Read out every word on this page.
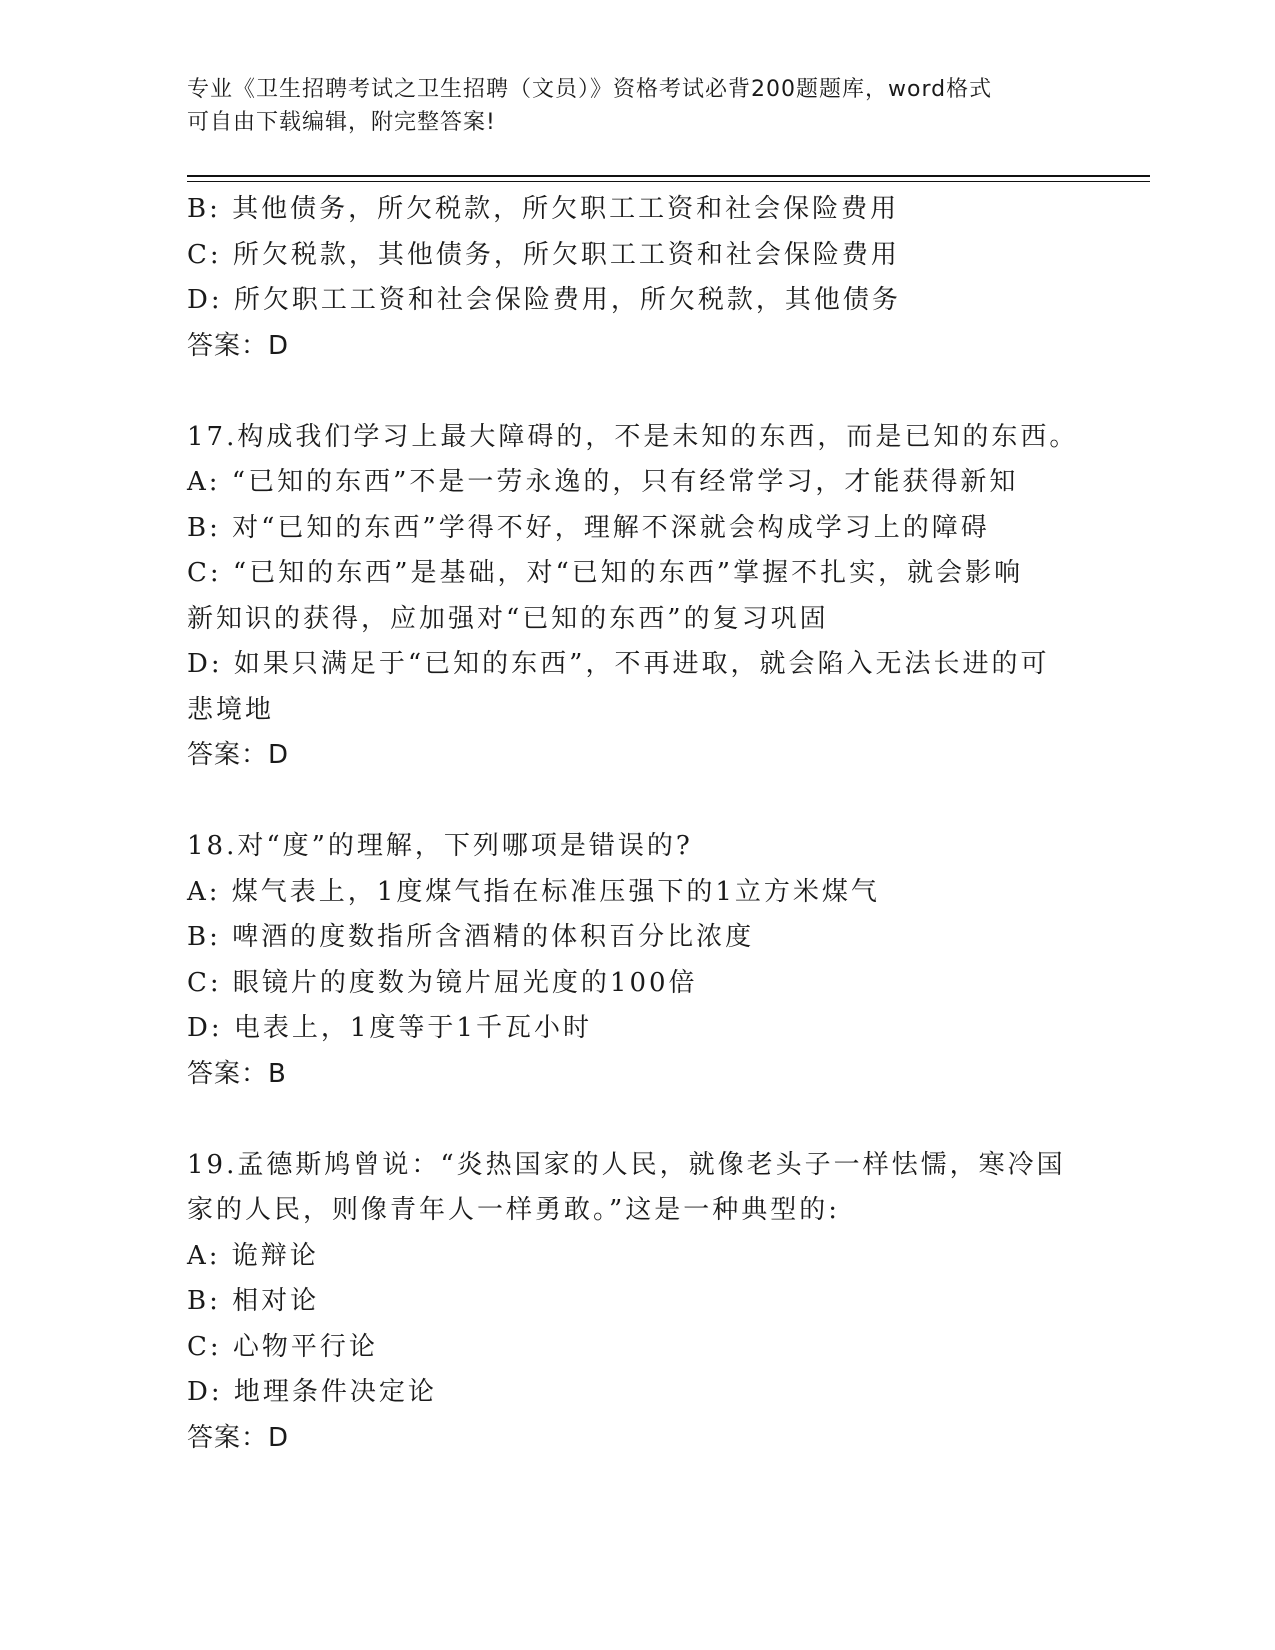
专业《卫生招聘考试之卫生招聘（文员）》资格考试必背200题题库，word格式
可自由下载编辑，附完整答案!
B: 其他债务，所欠税款，所欠职工工资和社会保险费用
C: 所欠税款，其他债务，所欠职工工资和社会保险费用
D: 所欠职工工资和社会保险费用，所欠税款，其他债务
答案：D
17.构成我们学习上最大障碍的，不是未知的东西，而是已知的东西。
A: “已知的东西”不是一劳永逸的，只有经常学习，才能获得新知
B: 对“已知的东西”学得不好，理解不深就会构成学习上的障碍
C: “已知的东西”是基础，对“已知的东西”掌握不扎实，就会影响
新知识的获得，应加强对“已知的东西”的复习巩固
D: 如果只满足于“已知的东西”，不再进取，就会陷入无法长进的可
悲境地
答案：D
18.对“度”的理解，下列哪项是错误的?
A: 煤气表上，1度煤气指在标准压强下的1立方米煤气
B: 啤酒的度数指所含酒精的体积百分比浓度
C: 眼镜片的度数为镜片屈光度的100倍
D: 电表上，1度等于1千瓦小时
答案：B
19.孟德斯鸠曾说：“炎热国家的人民，就像老头子一样怯懦，寒冷国
家的人民，则像青年人一样勇敢。”这是一种典型的:
A: 诡辩论
B: 相对论
C: 心物平行论
D: 地理条件决定论
答案：D
